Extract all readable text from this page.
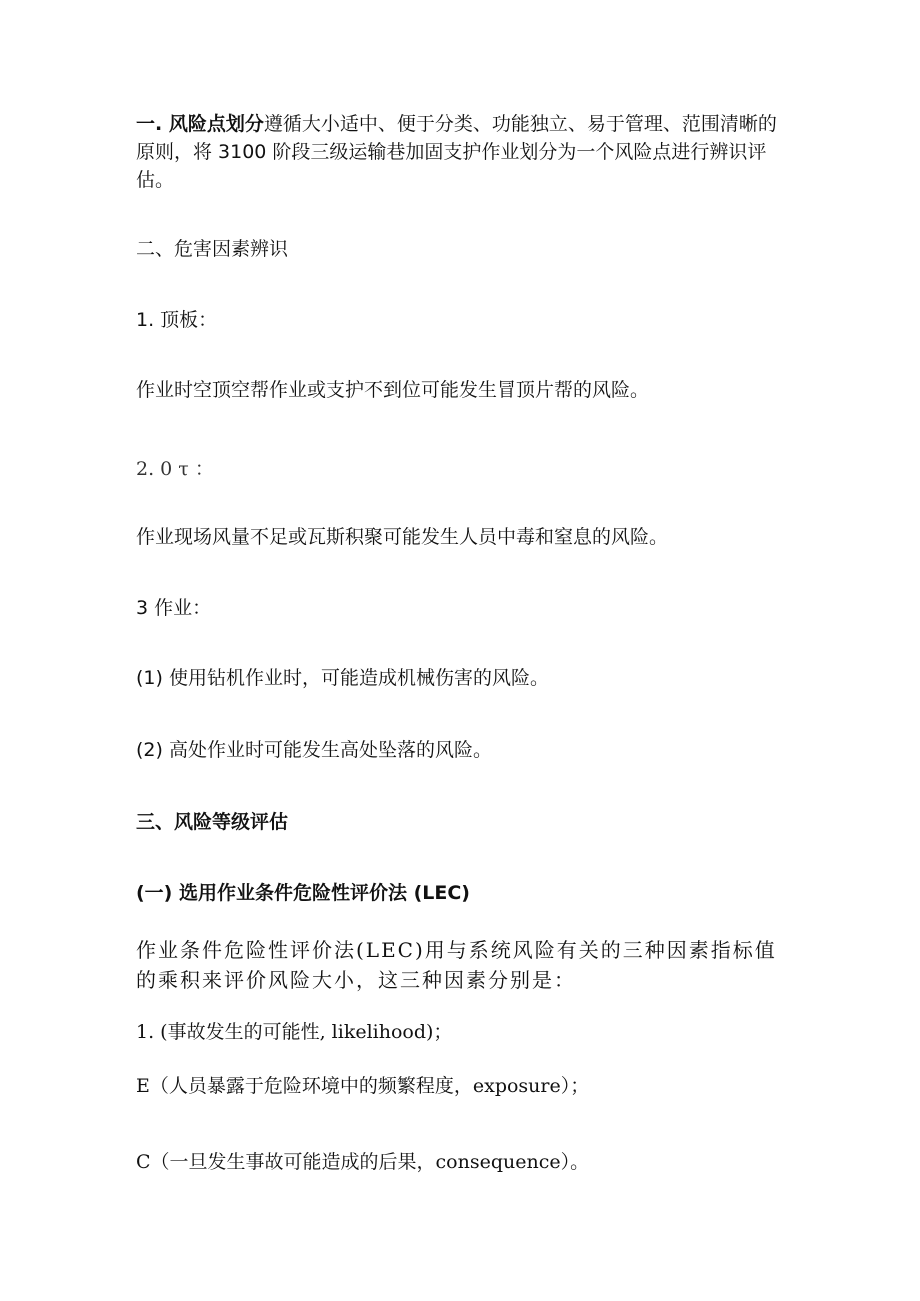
一. 风险点划分遵循大小适中、便于分类、功能独立、易于管理、范围清晰的原则，将 3100 阶段三级运输巷加固支护作业划分为一个风险点进行辨识评估。
二、危害因素辨识
1. 顶板：
作业时空顶空帮作业或支护不到位可能发生冒顶片帮的风险。
2. 0 τ ：
作业现场风量不足或瓦斯积聚可能发生人员中毒和窒息的风险。
3 作业：
(1) 使用钻机作业时，可能造成机械伤害的风险。
(2) 高处作业时可能发生高处坠落的风险。
三、风险等级评估
(一) 选用作业条件危险性评价法 (LEC)
作业条件危险性评价法(LEC)用与系统风险有关的三种因素指标值的乘积来评价风险大小，这三种因素分别是：
1. (事故发生的可能性, likelihood)；
E（人员暴露于危险环境中的频繁程度，exposure）；
C（一旦发生事故可能造成的后果，consequence）。
